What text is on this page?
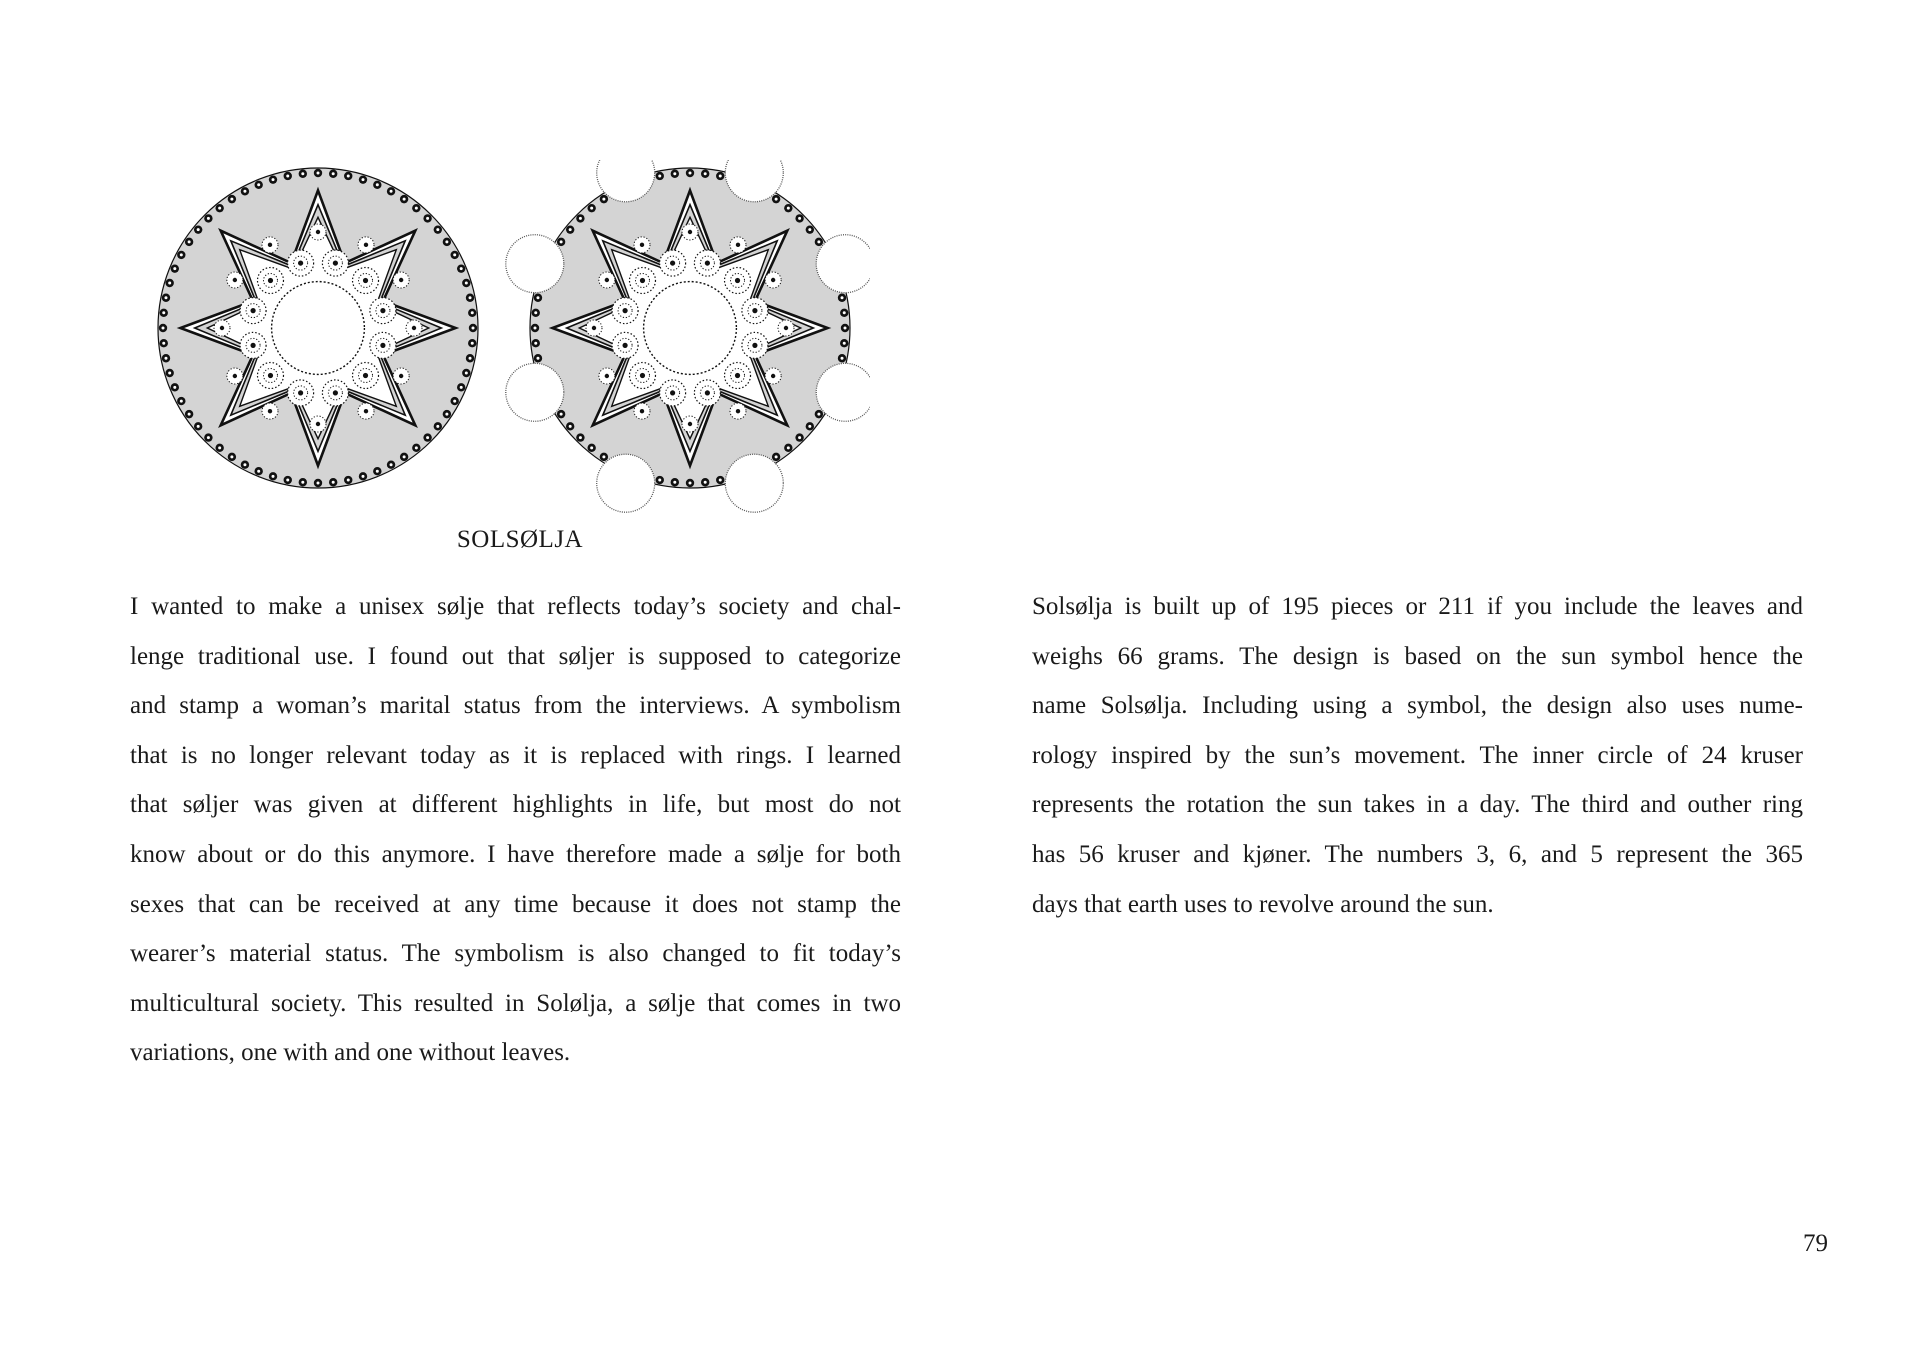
SOLSØLJA
I wanted to make a unisex sølje that reflects today’s society and chal-
lenge traditional use. I found out that søljer is supposed to categorize
and stamp a woman’s marital status from the interviews. A symbolism
that is no longer relevant today as it is replaced with rings. I learned
that søljer was given at different highlights in life, but most do not
know about or do this anymore. I have therefore made a sølje for both
sexes that can be received at any time because it does not stamp the
wearer’s material status. The symbolism is also changed to fit today’s
multicultural society. This resulted in Solølja, a sølje that comes in two
variations, one with and one without leaves.
Solsølja is built up of 195 pieces or 211 if you include the leaves and
weighs 66 grams. The design is based on the sun symbol hence the
name Solsølja. Including using a symbol, the design also uses nume-
rology inspired by the sun’s movement. The inner circle of 24 kruser
represents the rotation the sun takes in a day. The third and outher ring
has 56 kruser and kjøner. The numbers 3, 6, and 5 represent the 365
days that earth uses to revolve around the sun.
79
